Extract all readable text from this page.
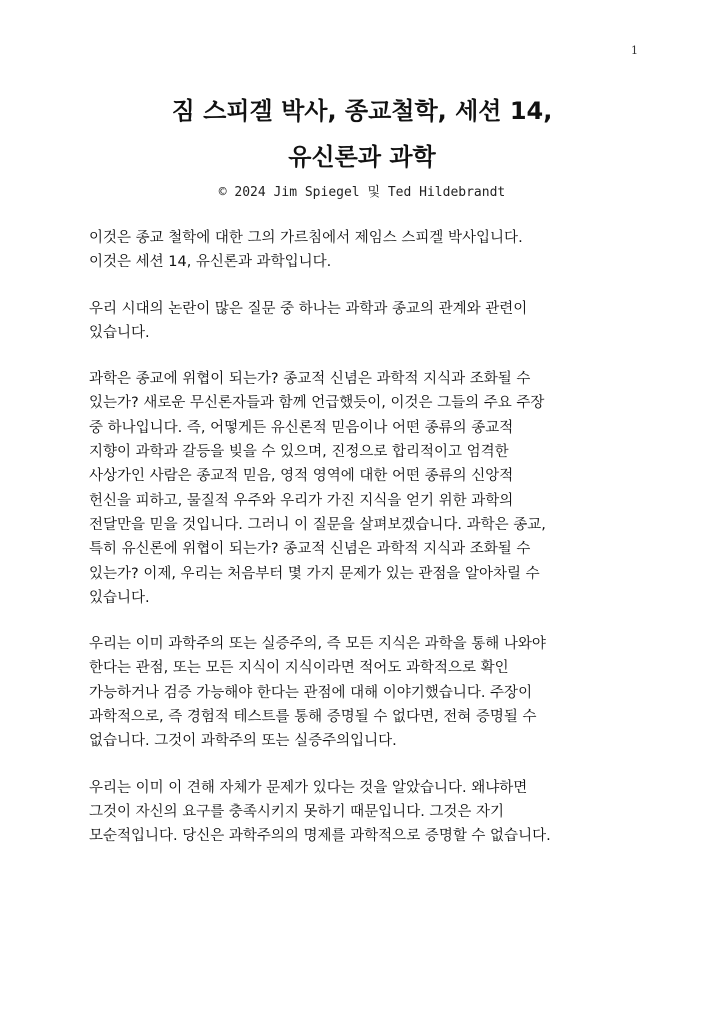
1
짐 스피겔 박사, 종교철학, 세션 14,
유신론과 과학
© 2024 Jim Spiegel 및 Ted Hildebrandt

이것은 종교 철학에 대한 그의 가르침에서 제임스 스피겔 박사입니다.
이것은 세션 14, 유신론과 과학입니다.

우리 시대의 논란이 많은 질문 중 하나는 과학과 종교의 관계와 관련이
있습니다.

과학은 종교에 위협이 되는가? 종교적 신념은 과학적 지식과 조화될 수
있는가? 새로운 무신론자들과 함께 언급했듯이, 이것은 그들의 주요 주장
중 하나입니다. 즉, 어떻게든 유신론적 믿음이나 어떤 종류의 종교적
지향이 과학과 갈등을 빚을 수 있으며, 진정으로 합리적이고 엄격한
사상가인 사람은 종교적 믿음, 영적 영역에 대한 어떤 종류의 신앙적
헌신을 피하고, 물질적 우주와 우리가 가진 지식을 얻기 위한 과학의
전달만을 믿을 것입니다. 그러니 이 질문을 살펴보겠습니다. 과학은 종교,
특히 유신론에 위협이 되는가? 종교적 신념은 과학적 지식과 조화될 수
있는가? 이제, 우리는 처음부터 몇 가지 문제가 있는 관점을 알아차릴 수
있습니다.

우리는 이미 과학주의 또는 실증주의, 즉 모든 지식은 과학을 통해 나와야
한다는 관점, 또는 모든 지식이 지식이라면 적어도 과학적으로 확인
가능하거나 검증 가능해야 한다는 관점에 대해 이야기했습니다. 주장이
과학적으로, 즉 경험적 테스트를 통해 증명될 수 없다면, 전혀 증명될 수
없습니다. 그것이 과학주의 또는 실증주의입니다.

우리는 이미 이 견해 자체가 문제가 있다는 것을 알았습니다. 왜냐하면
그것이 자신의 요구를 충족시키지 못하기 때문입니다. 그것은 자기
모순적입니다. 당신은 과학주의의 명제를 과학적으로 증명할 수 없습니다.
